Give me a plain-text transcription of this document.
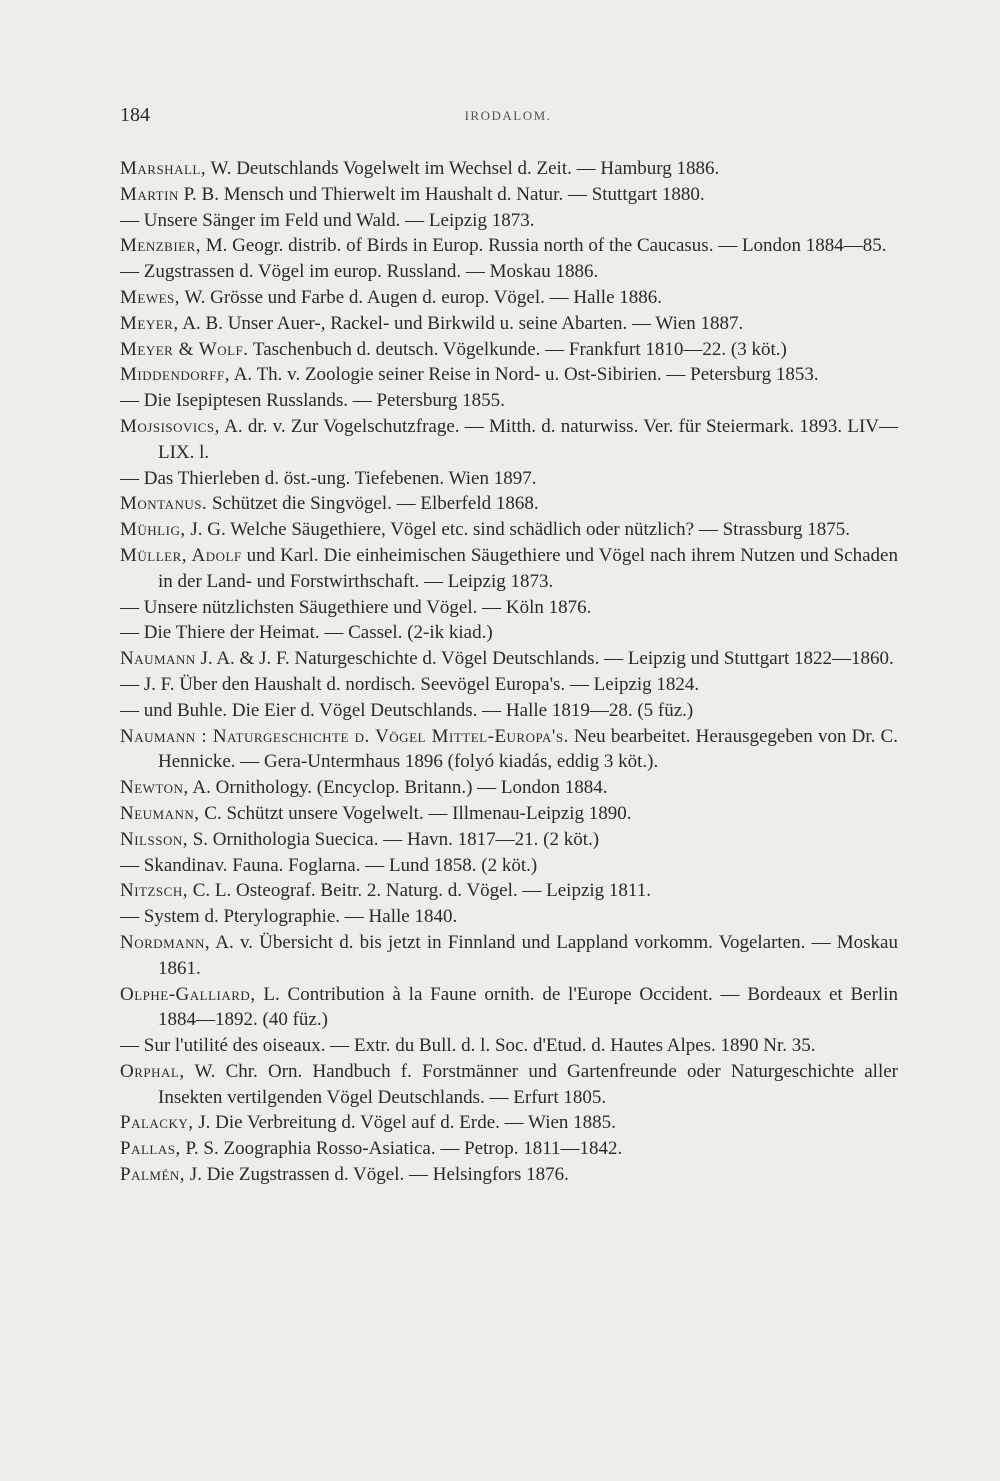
184	IRODALOM.
Marshall, W. Deutschlands Vogelwelt im Wechsel d. Zeit. — Hamburg 1886.
Martin P. B. Mensch und Thierwelt im Haushalt d. Natur. — Stuttgart 1880.
— Unsere Sänger im Feld und Wald. — Leipzig 1873.
Menzbier, M. Geogr. distrib. of Birds in Europ. Russia north of the Caucasus. — London 1884—85.
— Zugstrassen d. Vögel im europ. Russland. — Moskau 1886.
Mewes, W. Grösse und Farbe d. Augen d. europ. Vögel. — Halle 1886.
Meyer, A. B. Unser Auer-, Rackel- und Birkwild u. seine Abarten. — Wien 1887.
Meyer & Wolf. Taschenbuch d. deutsch. Vögelkunde. — Frankfurt 1810—22. (3 köt.)
Middendorff, A. Th. v. Zoologie seiner Reise in Nord- u. Ost-Sibirien. — Petersburg 1853.
— Die Isepiptesen Russlands. — Petersburg 1855.
Mojsisovics, A. dr. v. Zur Vogelschutzfrage. — Mitth. d. naturwiss. Ver. für Steiermark. 1893. LIV—LIX. l.
— Das Thierleben d. öst.-ung. Tiefebenen. Wien 1897.
Montanus. Schützet die Singvögel. — Elberfeld 1868.
Mühlig, J. G. Welche Säugethiere, Vögel etc. sind schädlich oder nützlich? — Strassburg 1875.
Müller, Adolf und Karl. Die einheimischen Säugethiere und Vögel nach ihrem Nutzen und Schaden in der Land- und Forstwirthschaft. — Leipzig 1873.
— Unsere nützlichsten Säugethiere und Vögel. — Köln 1876.
— Die Thiere der Heimat. — Cassel. (2-ik kiad.)
Naumann J. A. & J. F. Naturgeschichte d. Vögel Deutschlands. — Leipzig und Stuttgart 1822—1860.
— J. F. Über den Haushalt d. nordisch. Seevögel Europa's. — Leipzig 1824.
— und Buhle. Die Eier d. Vögel Deutschlands. — Halle 1819—28. (5 füz.)
Naumann : Naturgeschichte d. Vögel Mittel-Europa's. Neu bearbeitet. Herausgegeben von Dr. C. Hennicke. — Gera-Untermhaus 1896 (folyó kiadás, eddig 3 köt.).
Newton, A. Ornithology. (Encyclop. Britann.) — London 1884.
Neumann, C. Schützt unsere Vogelwelt. — Illmenau-Leipzig 1890.
Nilsson, S. Ornithologia Suecica. — Havn. 1817—21. (2 köt.)
— Skandinav. Fauna. Foglarna. — Lund 1858. (2 köt.)
Nitzsch, C. L. Osteograf. Beitr. 2. Naturg. d. Vögel. — Leipzig 1811.
— System d. Pterylographie. — Halle 1840.
Nordmann, A. v. Übersicht d. bis jetzt in Finnland und Lappland vorkomm. Vogelarten. — Moskau 1861.
Olphe-Galliard, L. Contribution à la Faune ornith. de l'Europe Occident. — Bordeaux et Berlin 1884—1892. (40 füz.)
— Sur l'utilité des oiseaux. — Extr. du Bull. d. l. Soc. d'Etud. d. Hautes Alpes. 1890 Nr. 35.
Orphal, W. Chr. Orn. Handbuch f. Forstmänner und Gartenfreunde oder Naturgeschichte aller Insekten vertilgenden Vögel Deutschlands. — Erfurt 1805.
Palacky, J. Die Verbreitung d. Vögel auf d. Erde. — Wien 1885.
Pallas, P. S. Zoographia Rosso-Asiatica. — Petrop. 1811—1842.
Palmén, J. Die Zugstrassen d. Vögel. — Helsingfors 1876.
